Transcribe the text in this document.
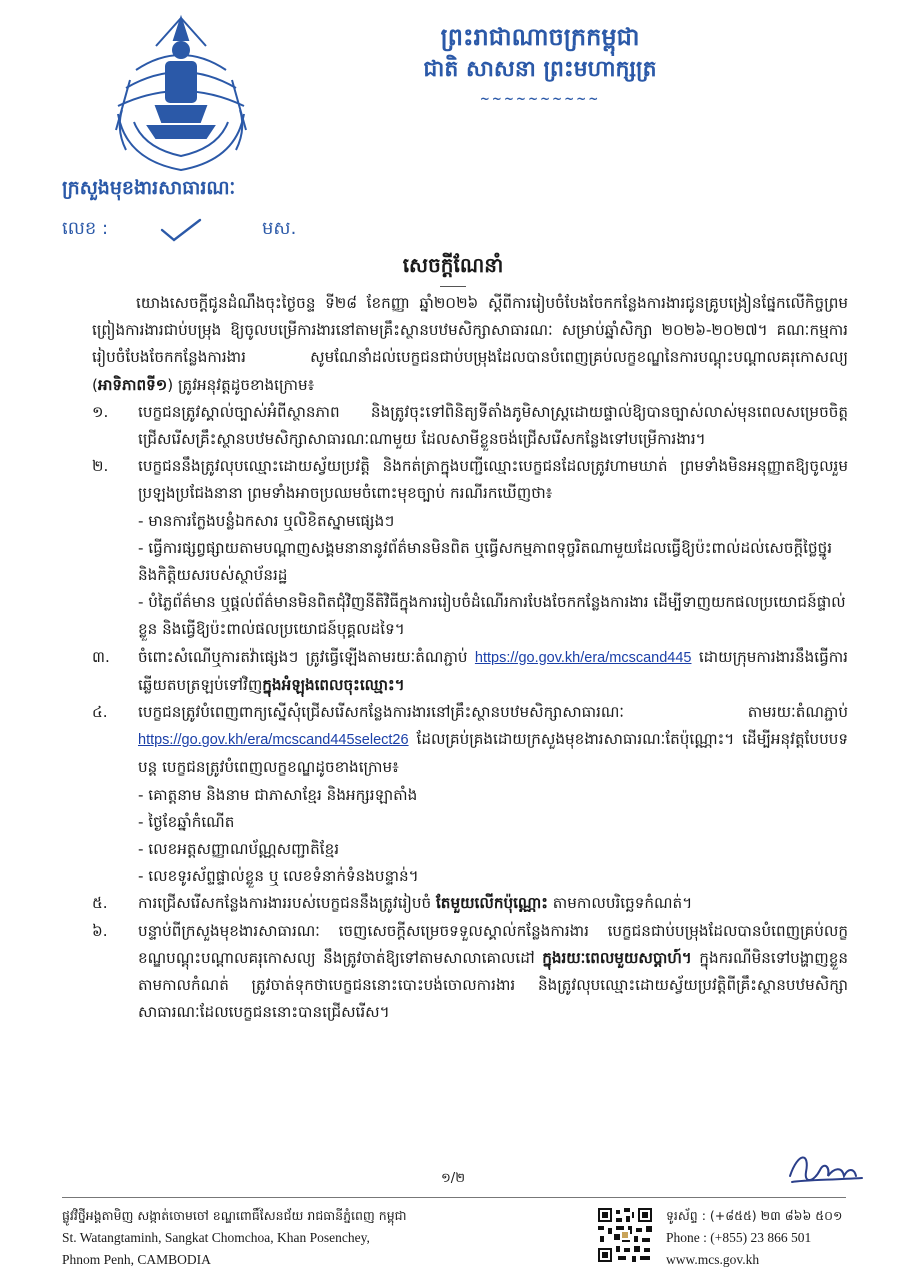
ព្រះរាជាណាចក្រកម្ពុជា
ជាតិ សាសនា ព្រះមហាក្សត្រ
~~~~~~~~~~
ក្រសួងមុខងារសាធារណៈ
លេខ :	មស.
សេចក្ដីណែនាំ

យោងសេចក្ដីជូនដំណឹងចុះថ្ងៃចន្ទ ទី២៨ ខែកញ្ញា ឆ្នាំ២០២៦ ស្ដីពីការរៀបចំបែងចែកកន្លែងការងារជូនគ្រូបង្រៀនផ្នែកលើកិច្ចព្រមព្រៀងការងារជាប់បម្រុង ឱ្យចូលបម្រើការងារនៅតាមគ្រឹះស្ថានបឋមសិក្សាសាធារណៈ សម្រាប់ឆ្នាំសិក្សា ២០២៦-២០២៧។ គណៈកម្មការរៀបចំបែងចែកកន្លែងការងារ សូមណែនាំដល់បេក្ខជនជាប់បម្រុងដែលបានបំពេញគ្រប់លក្ខខណ្ឌនៃការបណ្ដុះបណ្ដាលគរុកោសល្យ (អាទិភាពទី១) ត្រូវអនុវត្តដូចខាងក្រោម៖

១.	បេក្ខជនត្រូវស្គាល់ច្បាស់អំពីស្ថានភាព និងត្រូវចុះទៅពិនិត្យទីតាំងភូមិសាស្ត្រដោយផ្ទាល់ឱ្យបានច្បាស់លាស់មុនពេលសម្រេចចិត្តជ្រើសរើសគ្រឹះស្ថានបឋមសិក្សាសាធារណៈណាមួយ ដែលសាមីខ្លួនចង់ជ្រើសរើសកន្លែងទៅបម្រើការងារ។
២.	បេក្ខជននឹងត្រូវលុបឈ្មោះដោយស្វ័យប្រវត្តិ និងកត់ត្រាក្នុងបញ្ជីឈ្មោះបេក្ខជនដែលត្រូវហាមឃាត់ ព្រមទាំងមិនអនុញ្ញាតឱ្យចូលរួមប្រឡងប្រជែងនានា ព្រមទាំងអាចប្រឈមចំពោះមុខច្បាប់ ករណីរកឃើញថា៖

- មានការក្លែងបន្លំឯកសារ ឬលិខិតស្នាមផ្សេងៗ

- ធ្វើការផ្សព្វផ្សាយតាមបណ្ដាញសង្គមនានានូវព័ត៌មានមិនពិត ឬធ្វើសកម្មភាពទុច្ចរិតណាមួយដែលធ្វើឱ្យប៉ះពាល់ដល់សេចក្ដីថ្លៃថ្នូរ និងកិត្តិយសរបស់ស្ថាប័នរដ្ឋ

- បំភ្លៃព័ត៌មាន ឬផ្ដល់ព័ត៌មានមិនពិតជុំវិញនីតិវិធីក្នុងការរៀបចំដំណើរការបែងចែកកន្លែងការងារ ដើម្បីទាញយកផលប្រយោជន៍ផ្ទាល់ខ្លួន និងធ្វើឱ្យប៉ះពាល់ផលប្រយោជន៍បុគ្គលដទៃ។

៣.	ចំពោះសំណើឬការតវ៉ាផ្សេងៗ ត្រូវធ្វើឡើងតាមរយៈតំណភ្ជាប់ https://go.gov.kh/era/mcscand445 ដោយក្រុមការងារនឹងធ្វើការឆ្លើយតបត្រឡប់ទៅវិញក្នុងអំឡុងពេលចុះឈ្មោះ។
៤.	បេក្ខជនត្រូវបំពេញពាក្យស្នើសុំជ្រើសរើសកន្លែងការងារនៅគ្រឹះស្ថានបឋមសិក្សាសាធារណៈ តាមរយៈតំណភ្ជាប់ https://go.gov.kh/era/mcscand445select26 ដែលគ្រប់គ្រងដោយក្រសួងមុខងារសាធារណៈតែប៉ុណ្ណោះ។ ដើម្បីអនុវត្តបែបបទបន្ត បេក្ខជនត្រូវបំពេញលក្ខខណ្ឌដូចខាងក្រោម៖

- គោត្តនាម និងនាម ជាភាសាខ្មែរ និងអក្សរឡាតាំង

- ថ្ងៃខែឆ្នាំកំណើត

- លេខអត្តសញ្ញាណប័ណ្ណសញ្ជាតិខ្មែរ

- លេខទូរស័ព្ទផ្ទាល់ខ្លួន ឬ លេខទំនាក់ទំនងបន្ទាន់។

៥.	ការជ្រើសរើសកន្លែងការងាររបស់បេក្ខជននឹងត្រូវរៀបចំ តែមួយលើកប៉ុណ្ណោះ តាមកាលបរិច្ឆេទកំណត់។
៦.	បន្ទាប់ពីក្រសួងមុខងារសាធារណៈ ចេញសេចក្ដីសម្រេចទទួលស្គាល់កន្លែងការងារ បេក្ខជនជាប់បម្រុងដែលបានបំពេញគ្រប់លក្ខខណ្ឌបណ្ដុះបណ្ដាលគរុកោសល្យ នឹងត្រូវចាត់ឱ្យទៅតាមសាលាគោលដៅ ក្នុងរយៈពេលមួយសប្ដាហ៍។ ក្នុងករណីមិនទៅបង្ហាញខ្លួនតាមកាលកំណត់ ត្រូវចាត់ទុកថាបេក្ខជននោះបោះបង់ចោលការងារ និងត្រូវលុបឈ្មោះដោយស្វ័យប្រវត្តិពីគ្រឹះស្ថានបឋមសិក្សាសាធារណៈដែលបេក្ខជននោះបានជ្រើសរើស។
១/២
ផ្លូវវិថ្នីអង្គតាមិញ សង្កាត់ចោមចៅ ខណ្ឌពោធិ៍សែនជ័យ រាជធានីភ្នំពេញ កម្ពុជា
St. Watangtaminh, Sangkat Chomchoa, Khan Posenchey,
Phnom Penh, CAMBODIA
ទូរស័ព្ទ : (+៨៥៥) ២៣ ៨៦៦ ៥០១
Phone : (+855) 23 866 501
www.mcs.gov.kh
